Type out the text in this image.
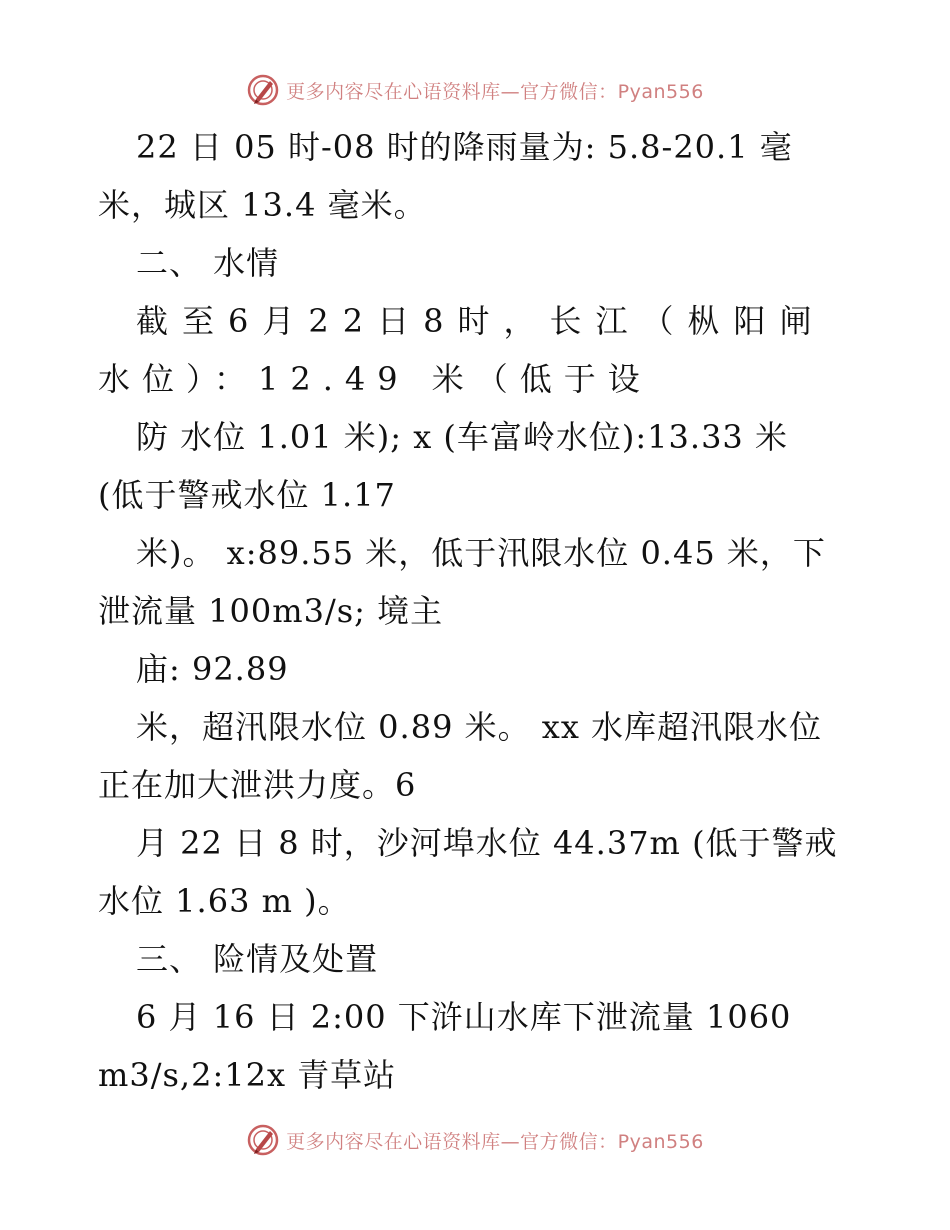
更多内容尽在心语资料库—官方微信：Pyan556
22 日 05 时-08 时的降雨量为: 5.8-20.1 毫
米，城区 13.4 毫米。
二、 水情
截至6月22日8时，长江（枞阳闸
水位）：12.49 米（低于设
防 水位 1.01 米); x (车富岭水位):13.33 米
(低于警戒水位 1.17
米)。 x:89.55 米，低于汛限水位 0.45 米，下
泄流量 100m3/s; 境主
庙: 92.89
米，超汛限水位 0.89 米。 xx 水库超汛限水位
正在加大泄洪力度。6
月 22 日 8 时，沙河埠水位 44.37m (低于警戒
水位 1.63 m )。
三、 险情及处置
6 月 16 日 2:00 下浒山水库下泄流量 1060
m3/s,2:12x 青草站
更多内容尽在心语资料库—官方微信：Pyan556
